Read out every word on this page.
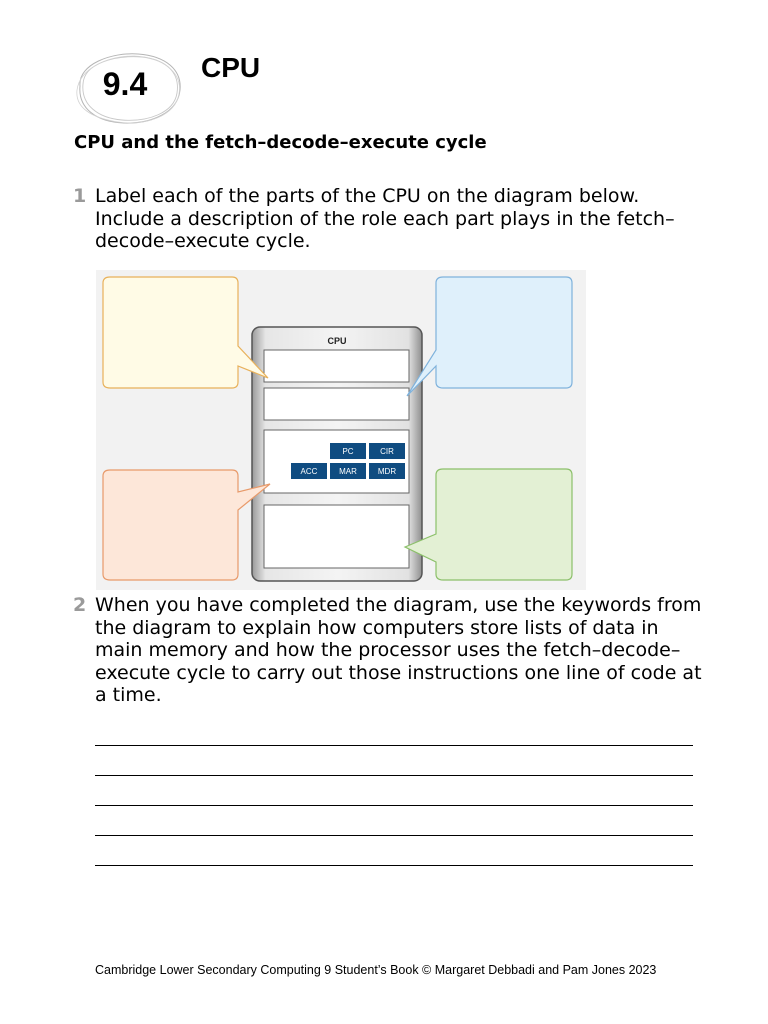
9.4	CPU
CPU and the fetch–decode–execute cycle
1 Label each of the parts of the CPU on the diagram below. Include a description of the role each part plays in the fetch–decode–execute cycle.
CPU
PC	CIR
ACC	MAR	MDR
2 When you have completed the diagram, use the keywords from the diagram to explain how computers store lists of data in main memory and how the processor uses the fetch–decode–execute cycle to carry out those instructions one line of code at a time.
Cambridge Lower Secondary Computing 9 Student’s Book © Margaret Debbadi and Pam Jones 2023
